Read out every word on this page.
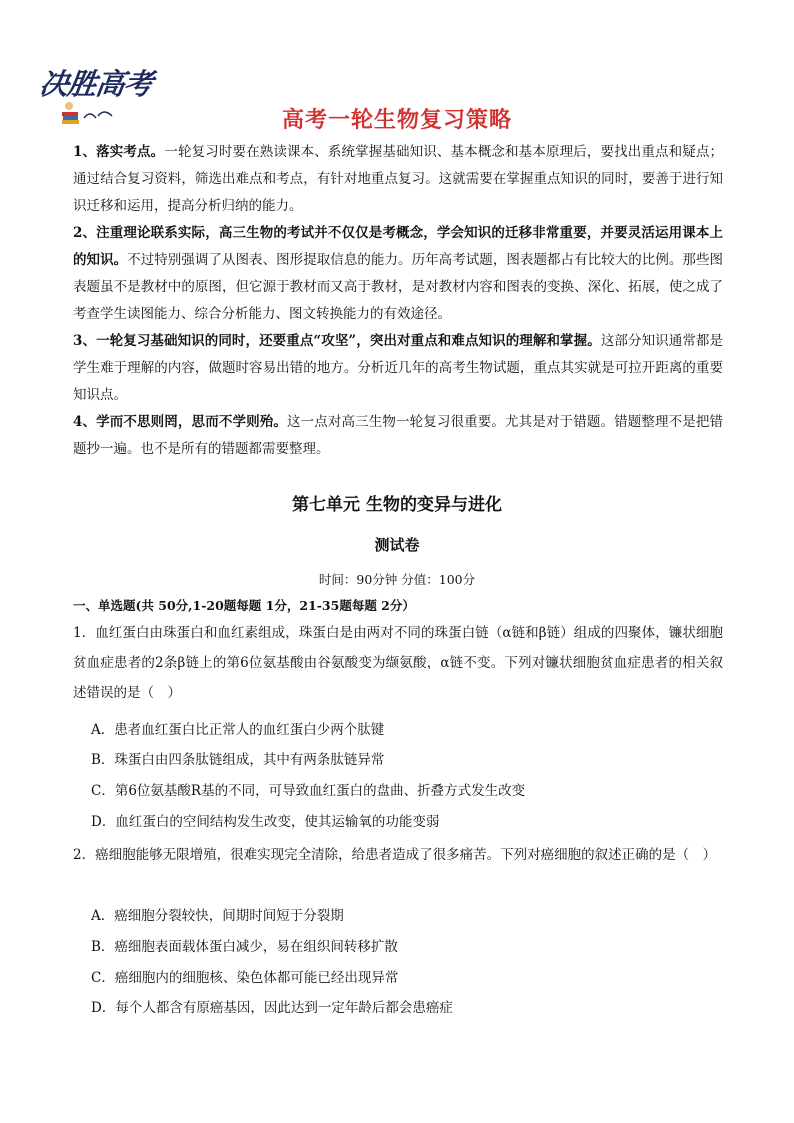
决胜高考
高考一轮生物复习策略

1、落实考点。一轮复习时要在熟读课本、系统掌握基础知识、基本概念和基本原理后，要找出重点和疑点；通过结合复习资料，筛选出难点和考点，有针对地重点复习。这就需要在掌握重点知识的同时，要善于进行知识迁移和运用，提高分析归纳的能力。

2、注重理论联系实际，高三生物的考试并不仅仅是考概念，学会知识的迁移非常重要，并要灵活运用课本上的知识。不过特别强调了从图表、图形提取信息的能力。历年高考试题，图表题都占有比较大的比例。那些图表题虽不是教材中的原图，但它源于教材而又高于教材，是对教材内容和图表的变换、深化、拓展，使之成了考查学生读图能力、综合分析能力、图文转换能力的有效途径。

3、一轮复习基础知识的同时，还要重点“攻坚”，突出对重点和难点知识的理解和掌握。这部分知识通常都是学生难于理解的内容，做题时容易出错的地方。分析近几年的高考生物试题，重点其实就是可拉开距离的重要知识点。

4、学而不思则罔，思而不学则殆。这一点对高三生物一轮复习很重要。尤其是对于错题。错题整理不是把错题抄一遍。也不是所有的错题都需要整理。

第七单元 生物的变异与进化
测试卷
时间：90分钟 分值：100分
一、单选题(共 50分,1-20题每题 1分，21-35题每题 2分）

1．血红蛋白由珠蛋白和血红素组成，珠蛋白是由两对不同的珠蛋白链（α链和β链）组成的四聚体，镰状细胞贫血症患者的2条β链上的第6位氨基酸由谷氨酸变为缬氨酸，α链不变。下列对镰状细胞贫血症患者的相关叙述错误的是（　）

A．患者血红蛋白比正常人的血红蛋白少两个肽键
B．珠蛋白由四条肽链组成，其中有两条肽链异常
C．第6位氨基酸R基的不同，可导致血红蛋白的盘曲、折叠方式发生改变
D．血红蛋白的空间结构发生改变，使其运输氧的功能变弱

2．癌细胞能够无限增殖，很难实现完全清除，给患者造成了很多痛苦。下列对癌细胞的叙述正确的是（　）

A．癌细胞分裂较快，间期时间短于分裂期
B．癌细胞表面载体蛋白减少，易在组织间转移扩散
C．癌细胞内的细胞核、染色体都可能已经出现异常
D．每个人都含有原癌基因，因此达到一定年龄后都会患癌症
